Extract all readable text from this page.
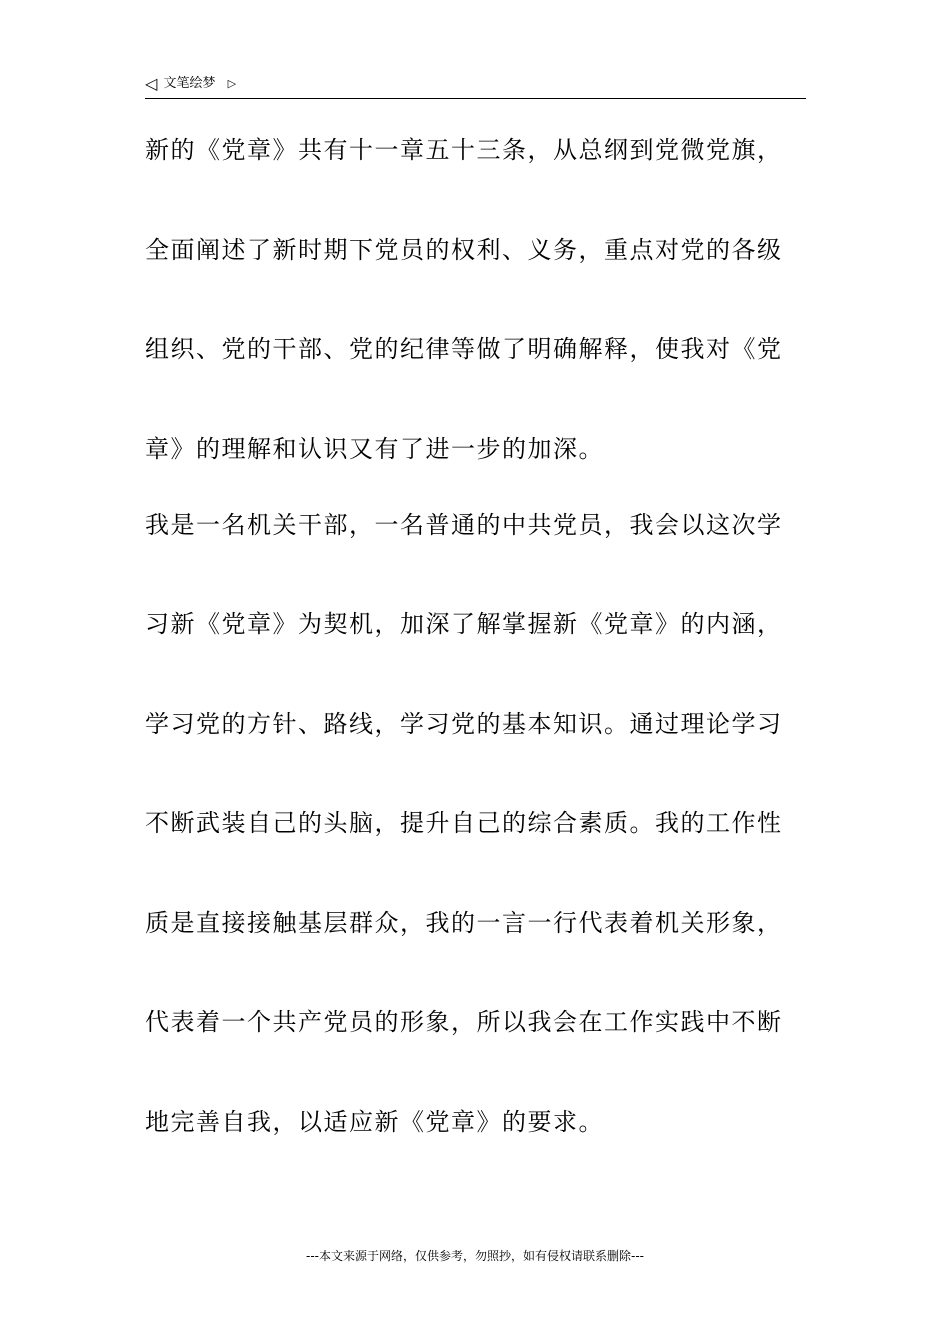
◁ 文笔绘梦 ▷
新的《党章》共有十一章五十三条，从总纲到党微党旗，
全面阐述了新时期下党员的权利、义务，重点对党的各级
组织、党的干部、党的纪律等做了明确解释，使我对《党
章》的理解和认识又有了进一步的加深。
我是一名机关干部，一名普通的中共党员，我会以这次学
习新《党章》为契机，加深了解掌握新《党章》的内涵，
学习党的方针、路线，学习党的基本知识。通过理论学习
不断武装自己的头脑，提升自己的综合素质。我的工作性
质是直接接触基层群众，我的一言一行代表着机关形象，
代表着一个共产党员的形象，所以我会在工作实践中不断
地完善自我，以适应新《党章》的要求。
---本文来源于网络，仅供参考，勿照抄，如有侵权请联系删除---
